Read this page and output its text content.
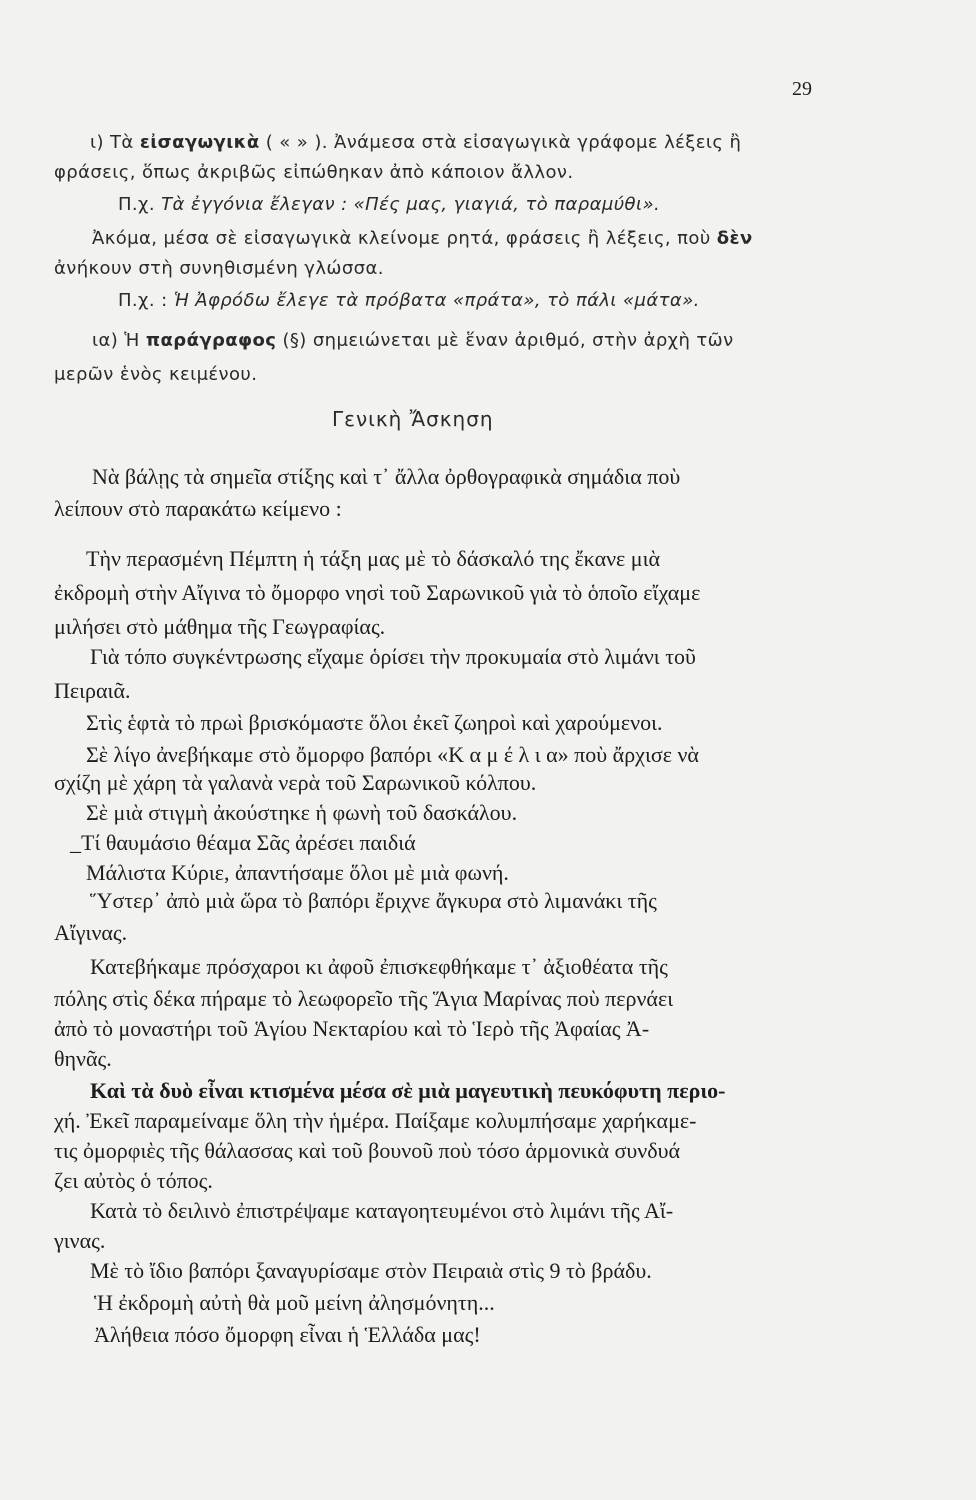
29
ι) Τὰ εἰσαγωγικὰ ( « » ). Ἀνάμεσα στὰ εἰσαγωγικὰ γράφομε λέξεις ἢ
φράσεις, ὅπως ἀκριβῶς εἰπώθηκαν ἀπὸ κάποιον ἄλλον.
Π.χ. Τὰ ἐγγόνια ἔλεγαν : «Πές μας, γιαγιά, τὸ παραμύθι».
Ἀκόμα, μέσα σὲ εἰσαγωγικὰ κλείνομε ρητά, φράσεις ἢ λέξεις, ποὺ δὲν
ἀνήκουν στὴ συνηθισμένη γλώσσα.
Π.χ. : Ἡ Ἀφρόδω ἔλεγε τὰ πρόβατα «πράτα», τὸ πάλι «μάτα».
ια) Ἡ παράγραφος (§) σημειώνεται μὲ ἕναν ἀριθμό, στὴν ἀρχὴ τῶν
μερῶν ἑνὸς κειμένου.
Γενικὴ Ἄσκηση
Νὰ βάλῃς τὰ σημεῖα στίξης καὶ τ᾿ ἄλλα ὀρθογραφικὰ σημάδια ποὺ
λείπουν στὸ παρακάτω κείμενο :
Τὴν περασμένη Πέμπτη ἡ τάξη μας μὲ τὸ δάσκαλό της ἔκανε μιὰ
ἐκδρομὴ στὴν Αἴγινα τὸ ὄμορφο νησὶ τοῦ Σαρωνικοῦ γιὰ τὸ ὁποῖο εἴχαμε
μιλήσει στὸ μάθημα τῆς Γεωγραφίας.
Γιὰ τόπο συγκέντρωσης εἴχαμε ὁρίσει τὴν προκυμαία στὸ λιμάνι τοῦ
Πειραιᾶ.
Στὶς ἑφτὰ τὸ πρωὶ βρισκόμαστε ὅλοι ἐκεῖ ζωηροὶ καὶ χαρούμενοι.
Σὲ λίγο ἀνεβήκαμε στὸ ὄμορφο βαπόρι «Κ α μ έ λ ι α» ποὺ ἄρχισε νὰ
σχίζη μὲ χάρη τὰ γαλανὰ νερὰ τοῦ Σαρωνικοῦ κόλπου.
Σὲ μιὰ στιγμὴ ἀκούστηκε ἡ φωνὴ τοῦ δασκάλου.
_Τί θαυμάσιο θέαμα Σᾶς ἀρέσει παιδιά
Μάλιστα Κύριε, ἀπαντήσαμε ὅλοι μὲ μιὰ φωνή.
Ὕστερ᾿ ἀπὸ μιὰ ὥρα τὸ βαπόρι ἔριχνε ἄγκυρα στὸ λιμανάκι τῆς
Αἴγινας.
Κατεβήκαμε πρόσχαροι κι ἀφοῦ ἐπισκεφθήκαμε τ᾿ ἀξιοθέατα τῆς
πόλης στὶς δέκα πήραμε τὸ λεωφορεῖο τῆς Ἅγια Μαρίνας ποὺ περνάει
ἀπὸ τὸ μοναστήρι τοῦ Ἁγίου Νεκταρίου καὶ τὸ Ἱερὸ τῆς Ἀφαίας Ἀ-
θηνᾶς.
Καὶ τὰ δυὸ εἶναι κτισμένα μέσα σὲ μιὰ μαγευτικὴ πευκόφυτη περιο-
χή. Ἐκεῖ παραμείναμε ὅλη τὴν ἡμέρα. Παίξαμε κολυμπήσαμε χαρήκαμε-
τις ὀμορφιὲς τῆς θάλασσας καὶ τοῦ βουνοῦ ποὺ τόσο ἁρμονικὰ συνδυά
ζει αὐτὸς ὁ τόπος.
Κατὰ τὸ δειλινὸ ἐπιστρέψαμε καταγοητευμένοι στὸ λιμάνι τῆς Αἴ-
γινας.
Μὲ τὸ ἴδιο βαπόρι ξαναγυρίσαμε στὸν Πειραιὰ στὶς 9 τὸ βράδυ.
Ἡ ἐκδρομὴ αὐτὴ θὰ μοῦ μείνη ἀλησμόνητη...
Ἀλήθεια πόσο ὄμορφη εἶναι ἡ Ἑλλάδα μας!
